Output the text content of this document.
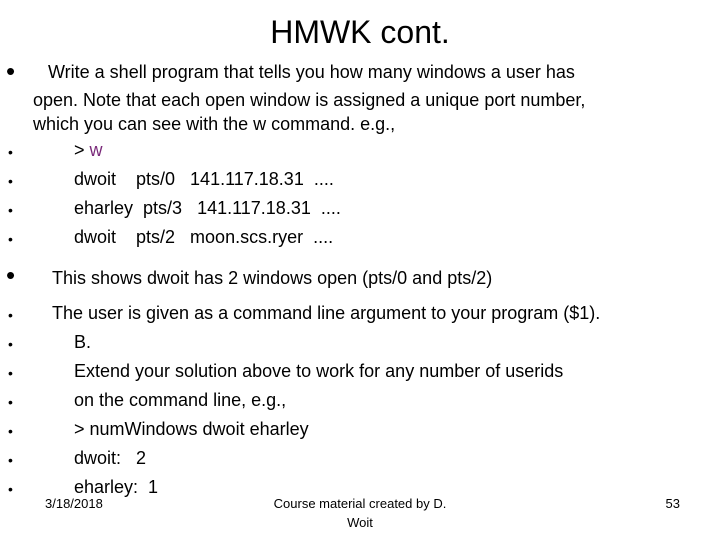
HMWK cont.
• Write a shell program that tells you how many windows a user has
open. Note that each open window is assigned a unique port number,
which you can see with the w command. e.g.,
•	> w
•	dwoit    pts/0   141.117.18.31  ....
•	eharley  pts/3   141.117.18.31  ....
•	dwoit    pts/2   moon.scs.ryer  ....
• This shows dwoit has 2 windows open (pts/0 and pts/2)
• The user is given as a command line argument to your program ($1).
•	B.
•	Extend your solution above to work for any number of userids
•	on the command line, e.g.,
•	> numWindows dwoit eharley
•	dwoit:   2
•	eharley:  1
3/18/2018	Course material created by D.
Woit
53
